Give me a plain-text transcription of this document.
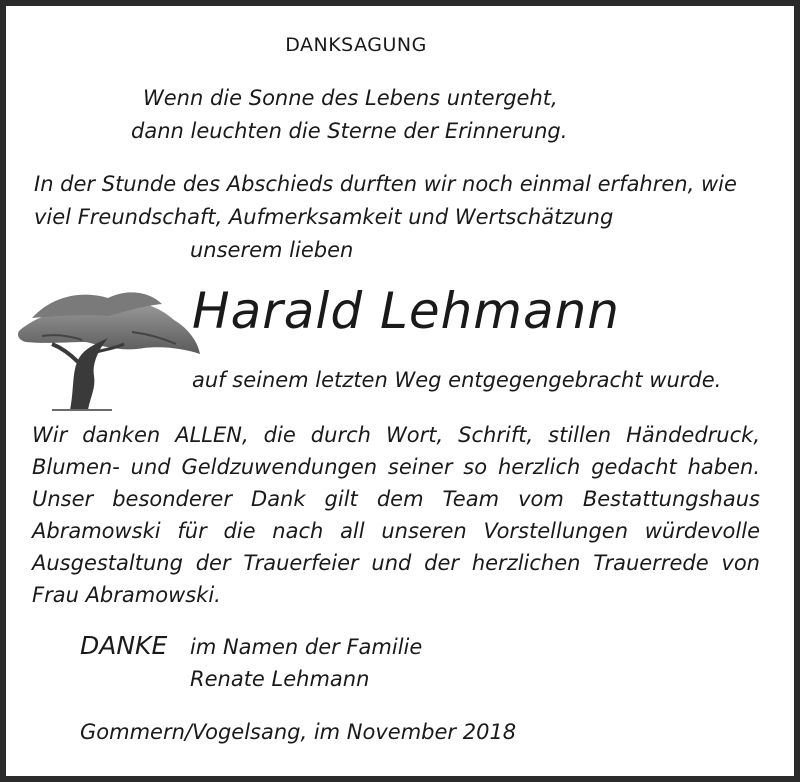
DANKSAGUNG
Wenn die Sonne des Lebens untergeht,
dann leuchten die Sterne der Erinnerung.
In der Stunde des Abschieds durften wir noch einmal erfahren, wie
viel Freundschaft, Aufmerksamkeit und Wertschätzung
unserem lieben
Harald Lehmann
auf seinem letzten Weg entgegengebracht wurde.
Wir danken ALLEN, die durch Wort, Schrift, stillen Händedruck,
Blumen- und Geldzuwendungen seiner so herzlich gedacht haben.
Unser besonderer Dank gilt dem Team vom Bestattungshaus
Abramowski für die nach all unseren Vorstellungen würdevolle
Ausgestaltung der Trauerfeier und der herzlichen Trauerrede von
Frau Abramowski.
DANKE im Namen der Familie
Renate Lehmann
Gommern/Vogelsang, im November 2018
